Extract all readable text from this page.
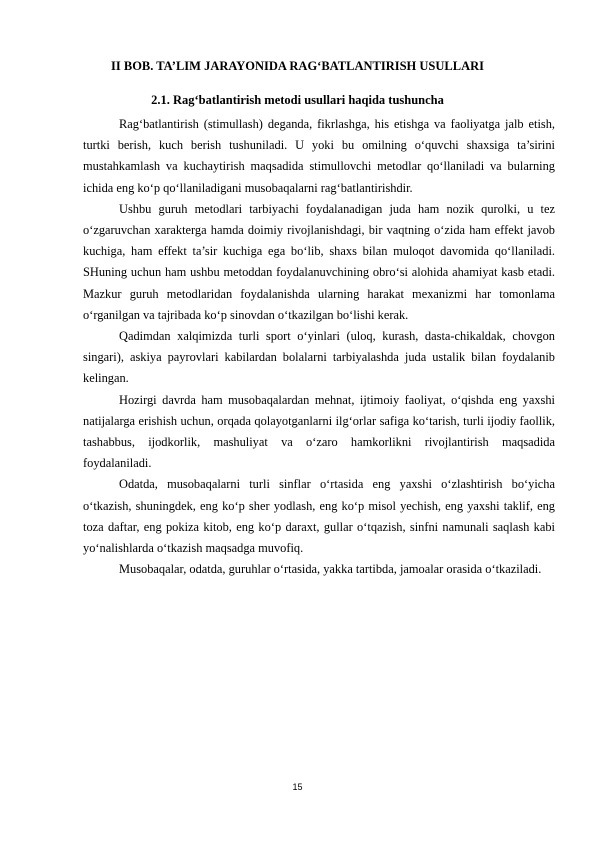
II BOB. TA’LIM JARAYONIDA RAG‘BATLANTIRISH USULLARI
2.1. Rag‘batlantirish metodi usullari haqida tushuncha

Rag‘batlantirish (stimullash) deganda, fikrlashga, his etishga va faoliyatga jalb etish, turtki berish, kuch berish tushuniladi. U yoki bu omilning o‘quvchi shaxsiga ta’sirini mustahkamlash va kuchaytirish maqsadida stimullovchi metodlar qo‘llaniladi va bularning ichida eng ko‘p qo‘llaniladigani musobaqalarni rag‘batlantirishdir.

Ushbu guruh metodlari tarbiyachi foydalanadigan juda ham nozik qurolki, u tez o‘zgaruvchan xarakterga hamda doimiy rivojlanishdagi, bir vaqtning o‘zida ham effekt javob kuchiga, ham effekt ta’sir kuchiga ega bo‘lib, shaxs bilan muloqot davomida qo‘llaniladi. SHuning uchun ham ushbu metoddan foydalanuvchining obro‘si alohida ahamiyat kasb etadi. Mazkur guruh metodlaridan foydalanishda ularning harakat mexanizmi har tomonlama o‘rganilgan va tajribada ko‘p sinovdan o‘tkazilgan bo‘lishi kerak.

Qadimdan xalqimizda turli sport o‘yinlari (uloq, kurash, dasta-chikaldak, chovgon singari), askiya payrovlari kabilardan bolalarni tarbiyalashda juda ustalik bilan foydalanib kelingan.

Hozirgi davrda ham musobaqalardan mehnat, ijtimoiy faoliyat, o‘qishda eng yaxshi natijalarga erishish uchun, orqada qolayotganlarni ilg‘orlar safiga ko‘tarish, turli ijodiy faollik, tashabbus, ijodkorlik, mashuliyat va o‘zaro hamkorlikni rivojlantirish maqsadida foydalaniladi.

Odatda, musobaqalarni turli sinflar o‘rtasida eng yaxshi o‘zlashtirish bo‘yicha o‘tkazish, shuningdek, eng ko‘p sher yodlash, eng ko‘p misol yechish, eng yaxshi taklif, eng toza daftar, eng pokiza kitob, eng ko‘p daraxt, gullar o‘tqazish, sinfni namunali saqlash kabi yo‘nalishlarda o‘tkazish maqsadga muvofiq.

Musobaqalar, odatda, guruhlar o‘rtasida, yakka tartibda, jamoalar orasida o‘tkaziladi.

15
